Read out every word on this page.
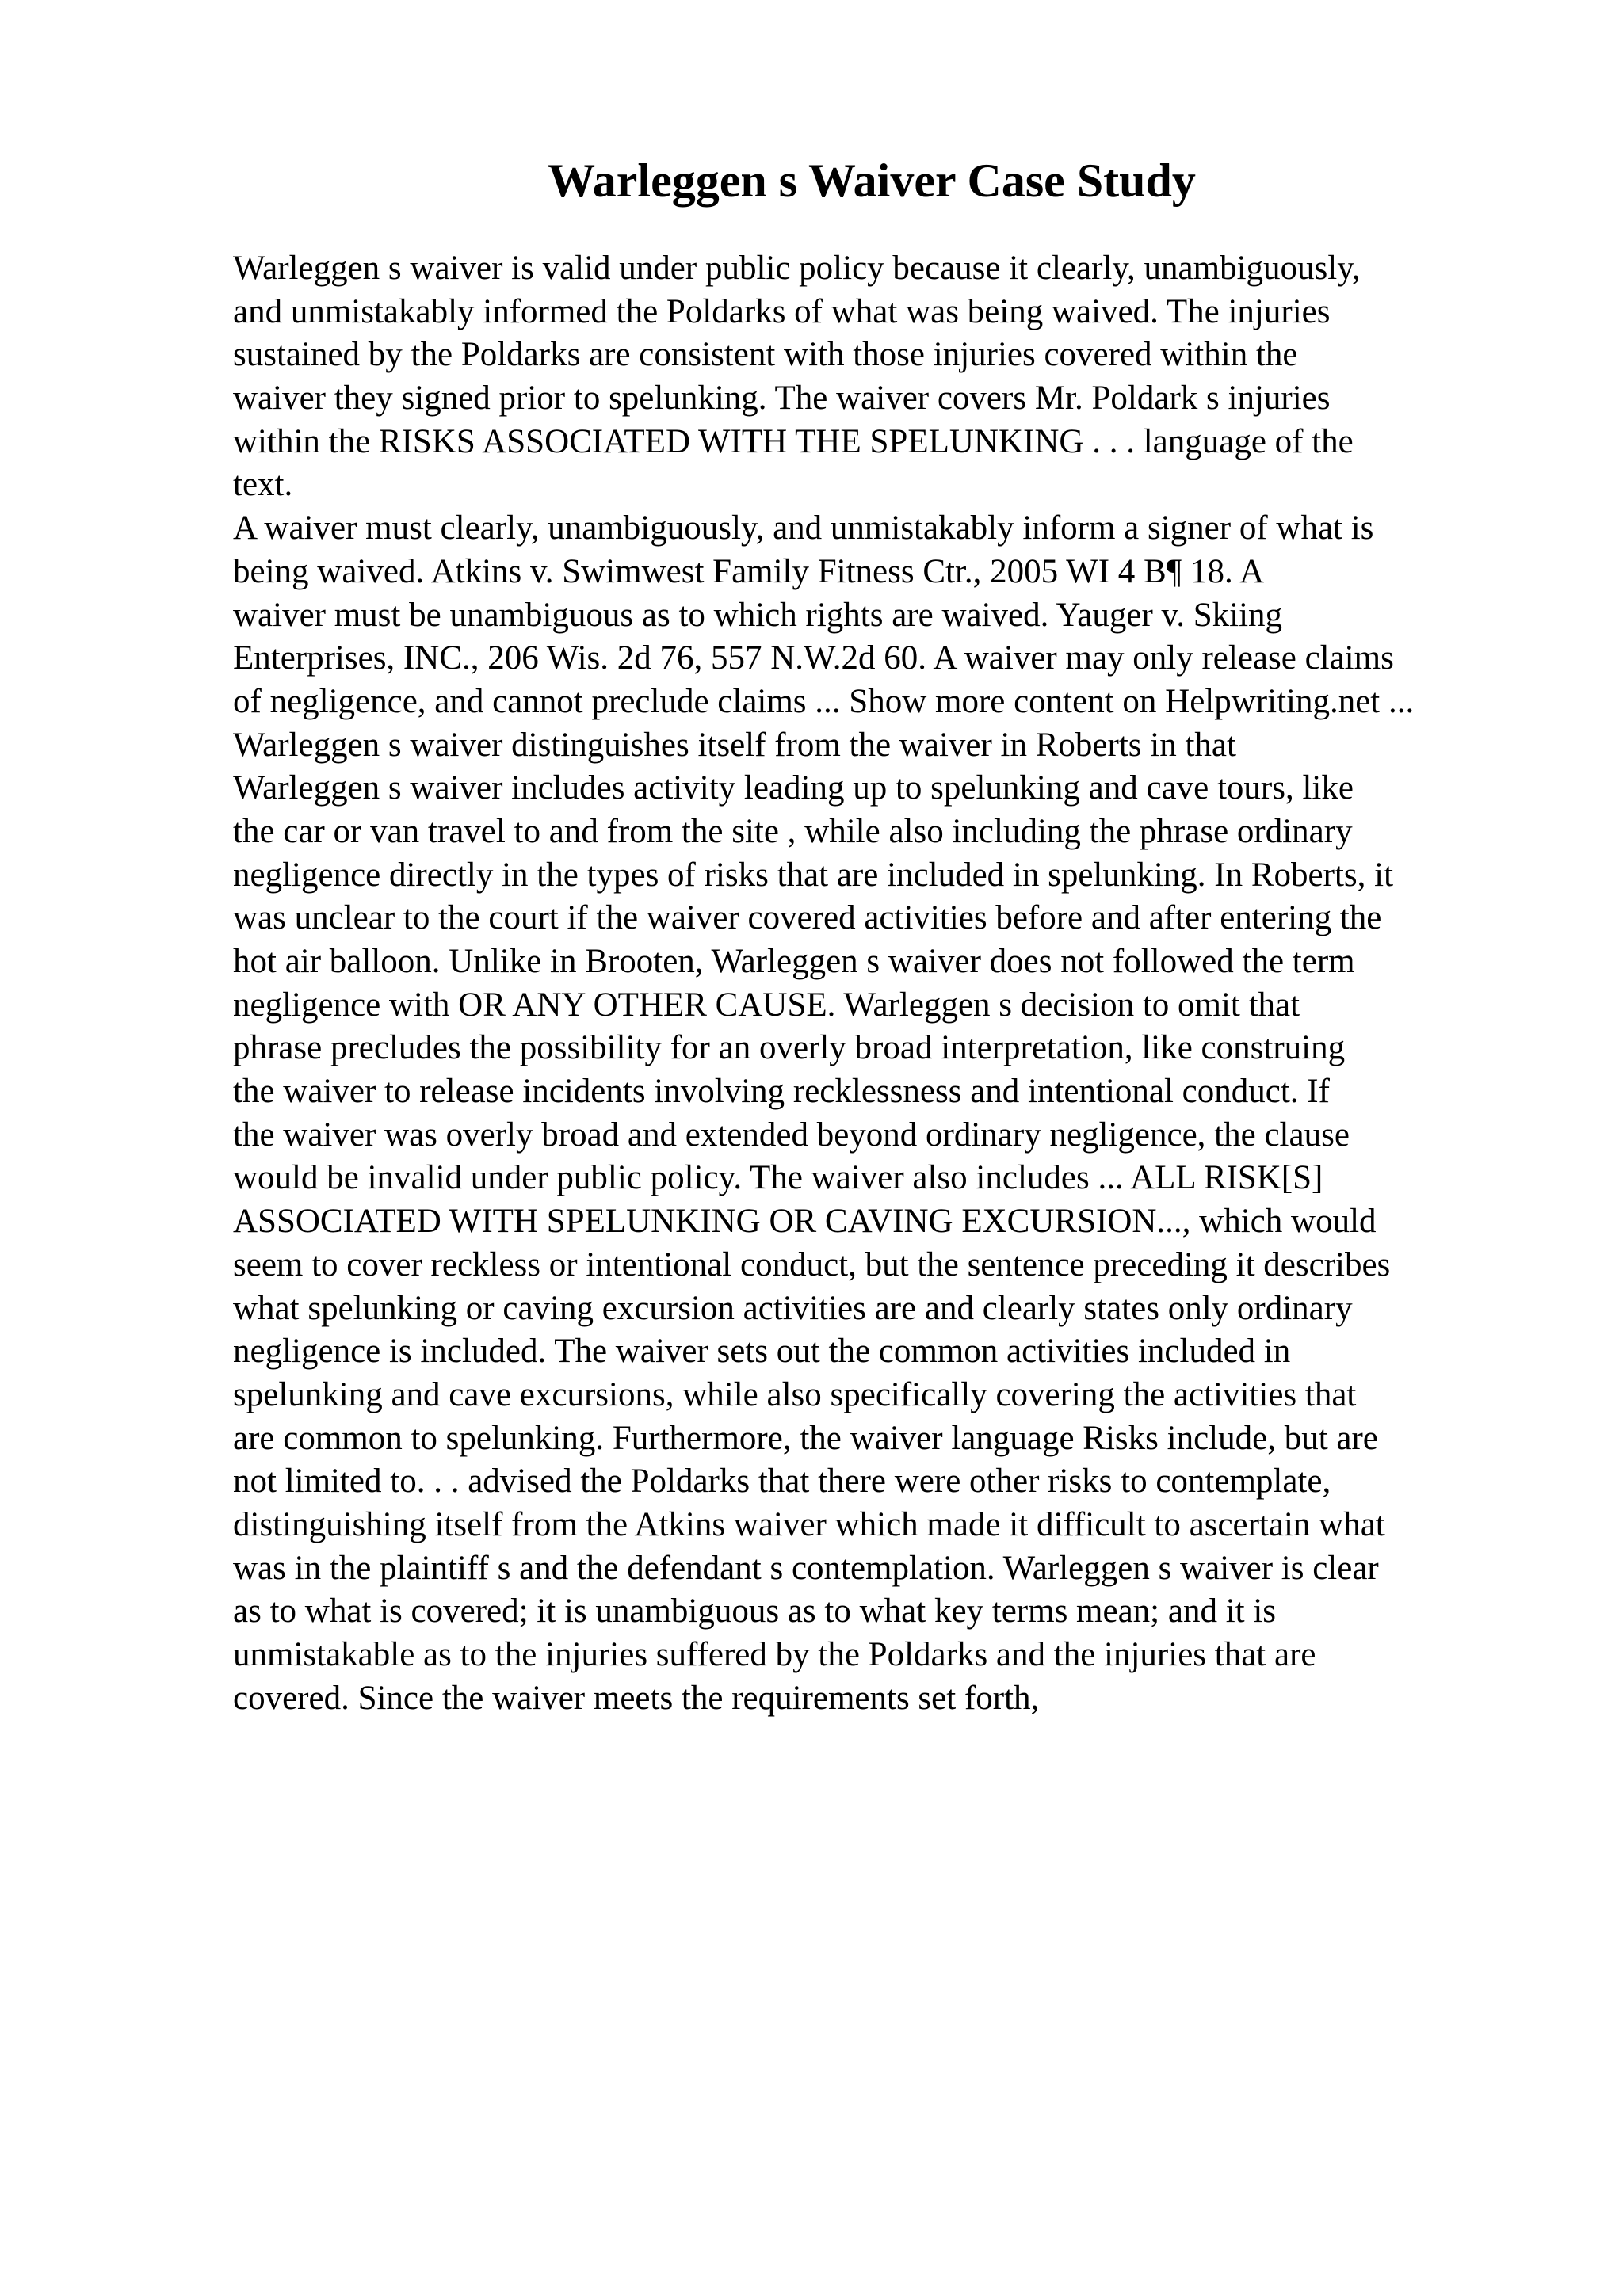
Warleggen s Waiver Case Study
Warleggen s waiver is valid under public policy because it clearly, unambiguously,
and unmistakably informed the Poldarks of what was being waived. The injuries
sustained by the Poldarks are consistent with those injuries covered within the
waiver they signed prior to spelunking. The waiver covers Mr. Poldark s injuries
within the RISKS ASSOCIATED WITH THE SPELUNKING . . . language of the
text.
A waiver must clearly, unambiguously, and unmistakably inform a signer of what is
being waived. Atkins v. Swimwest Family Fitness Ctr., 2005 WI 4 B¶ 18. A
waiver must be unambiguous as to which rights are waived. Yauger v. Skiing
Enterprises, INC., 206 Wis. 2d 76, 557 N.W.2d 60. A waiver may only release claims
of negligence, and cannot preclude claims ... Show more content on Helpwriting.net ...
Warleggen s waiver distinguishes itself from the waiver in Roberts in that
Warleggen s waiver includes activity leading up to spelunking and cave tours, like
the car or van travel to and from the site , while also including the phrase ordinary
negligence directly in the types of risks that are included in spelunking. In Roberts, it
was unclear to the court if the waiver covered activities before and after entering the
hot air balloon. Unlike in Brooten, Warleggen s waiver does not followed the term
negligence with OR ANY OTHER CAUSE. Warleggen s decision to omit that
phrase precludes the possibility for an overly broad interpretation, like construing
the waiver to release incidents involving recklessness and intentional conduct. If
the waiver was overly broad and extended beyond ordinary negligence, the clause
would be invalid under public policy. The waiver also includes ... ALL RISK[S]
ASSOCIATED WITH SPELUNKING OR CAVING EXCURSION..., which would
seem to cover reckless or intentional conduct, but the sentence preceding it describes
what spelunking or caving excursion activities are and clearly states only ordinary
negligence is included. The waiver sets out the common activities included in
spelunking and cave excursions, while also specifically covering the activities that
are common to spelunking. Furthermore, the waiver language Risks include, but are
not limited to. . . advised the Poldarks that there were other risks to contemplate,
distinguishing itself from the Atkins waiver which made it difficult to ascertain what
was in the plaintiff s and the defendant s contemplation. Warleggen s waiver is clear
as to what is covered; it is unambiguous as to what key terms mean; and it is
unmistakable as to the injuries suffered by the Poldarks and the injuries that are
covered. Since the waiver meets the requirements set forth,
